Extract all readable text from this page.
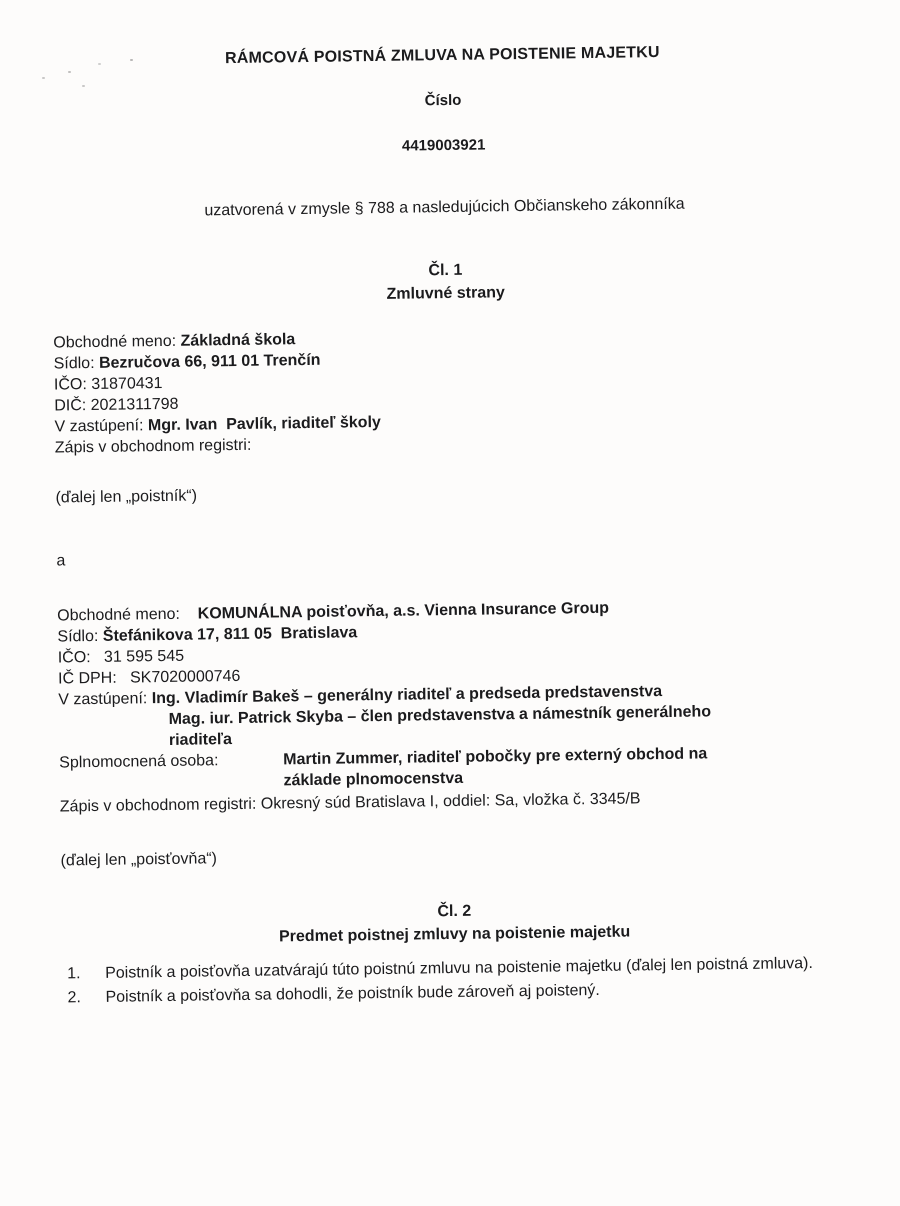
RÁMCOVÁ POISTNÁ ZMLUVA NA POISTENIE MAJETKU
Číslo
4419003921
uzatvorená v zmysle § 788 a nasledujúcich Občianskeho zákonníka
Čl. 1
Zmluvné strany
Obchodné meno: Základná škola
Sídlo: Bezručova 66, 911 01 Trenčín
IČO: 31870431
DIČ: 2021311798
V zastúpení: Mgr. Ivan  Pavlík, riaditeľ školy
Zápis v obchodnom registri:
(ďalej len „poistník“)
a
Obchodné meno: KOMUNÁLNA poisťovňa, a.s. Vienna Insurance Group
Sídlo: Štefánikova 17, 811 05  Bratislava
IČO:   31 595 545
IČ DPH:   SK7020000746
V zastúpení: Ing. Vladimír Bakeš – generálny riaditeľ a predseda predstavenstva
Mag. iur. Patrick Skyba – člen predstavenstva a námestník generálneho
riaditeľa
Splnomocnená osoba:	Martin Zummer, riaditeľ pobočky pre externý obchod na
základe plnomocenstva
Zápis v obchodnom registri: Okresný súd Bratislava I, oddiel: Sa, vložka č. 3345/B
(ďalej len „poisťovňa“)
Čl. 2
Predmet poistnej zmluvy na poistenie majetku
1.	Poistník a poisťovňa uzatvárajú túto poistnú zmluvu na poistenie majetku (ďalej len poistná zmluva).
2.	Poistník a poisťovňa sa dohodli, že poistník bude zároveň aj poistený.
